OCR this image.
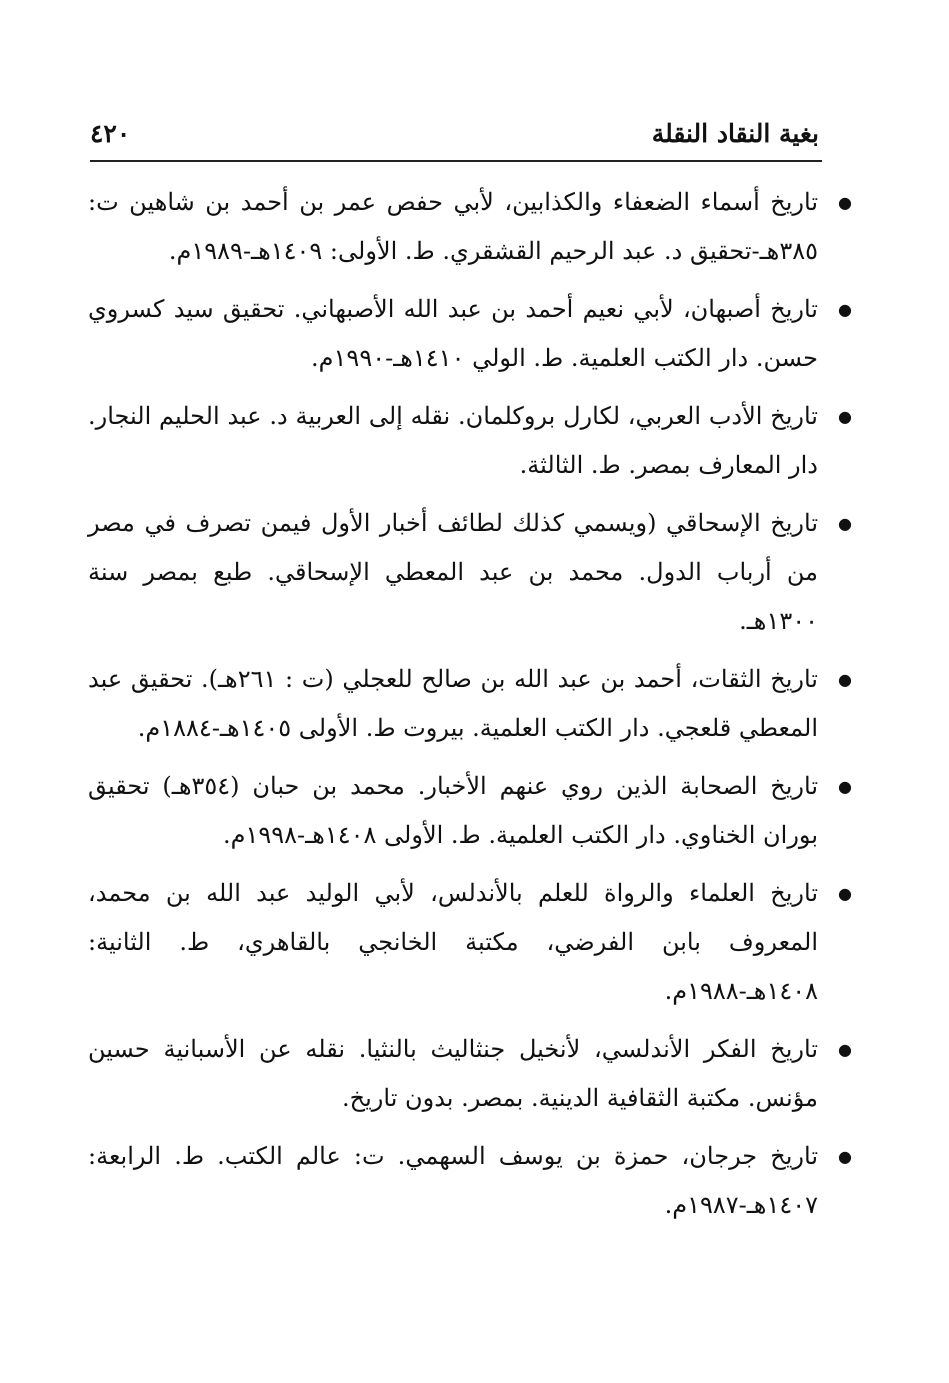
بغية النقاد النقلة
٤٢٠
●
تاريخ أسماء الضعفاء والكذابين، لأبي حفص عمر بن أحمد بن شاهين ت: ٣٨٥هـ-تحقيق د. عبد الرحيم القشقري. ط. الأولى: ١٤٠٩هـ-١٩٨٩م.
●
تاريخ أصبهان، لأبي نعيم أحمد بن عبد الله الأصبهاني. تحقيق سيد كسروي حسن. دار الكتب العلمية. ط. الولي ١٤١٠هـ-١٩٩٠م.
●
تاريخ الأدب العربي، لكارل بروكلمان. نقله إلى العربية د. عبد الحليم النجار. دار المعارف بمصر. ط. الثالثة.
●
تاريخ الإسحاقي (ويسمي كذلك لطائف أخبار الأول فيمن تصرف في مصر من أرباب الدول. محمد بن عبد المعطي الإسحاقي. طبع بمصر سنة ١٣٠٠هـ.
●
تاريخ الثقات، أحمد بن عبد الله بن صالح للعجلي (ت : ٢٦١هـ). تحقيق عبد المعطي قلعجي. دار الكتب العلمية. بيروت ط. الأولى ١٤٠٥هـ-١٨٨٤م.
●
تاريخ الصحابة الذين روي عنهم الأخبار. محمد بن حبان (٣٥٤هـ) تحقيق بوران الخناوي. دار الكتب العلمية. ط. الأولى ١٤٠٨هـ-١٩٩٨م.
●
تاريخ العلماء والرواة للعلم بالأندلس، لأبي الوليد عبد الله بن محمد، المعروف بابن الفرضي، مكتبة الخانجي بالقاهري، ط. الثانية: ١٤٠٨هـ-١٩٨٨م.
●
تاريخ الفكر الأندلسي، لأنخيل جنثاليث بالنثيا. نقله عن الأسبانية حسين مؤنس. مكتبة الثقافية الدينية. بمصر. بدون تاريخ.
●
تاريخ جرجان، حمزة بن يوسف السهمي. ت: عالم الكتب. ط. الرابعة: ١٤٠٧هـ-١٩٨٧م.
